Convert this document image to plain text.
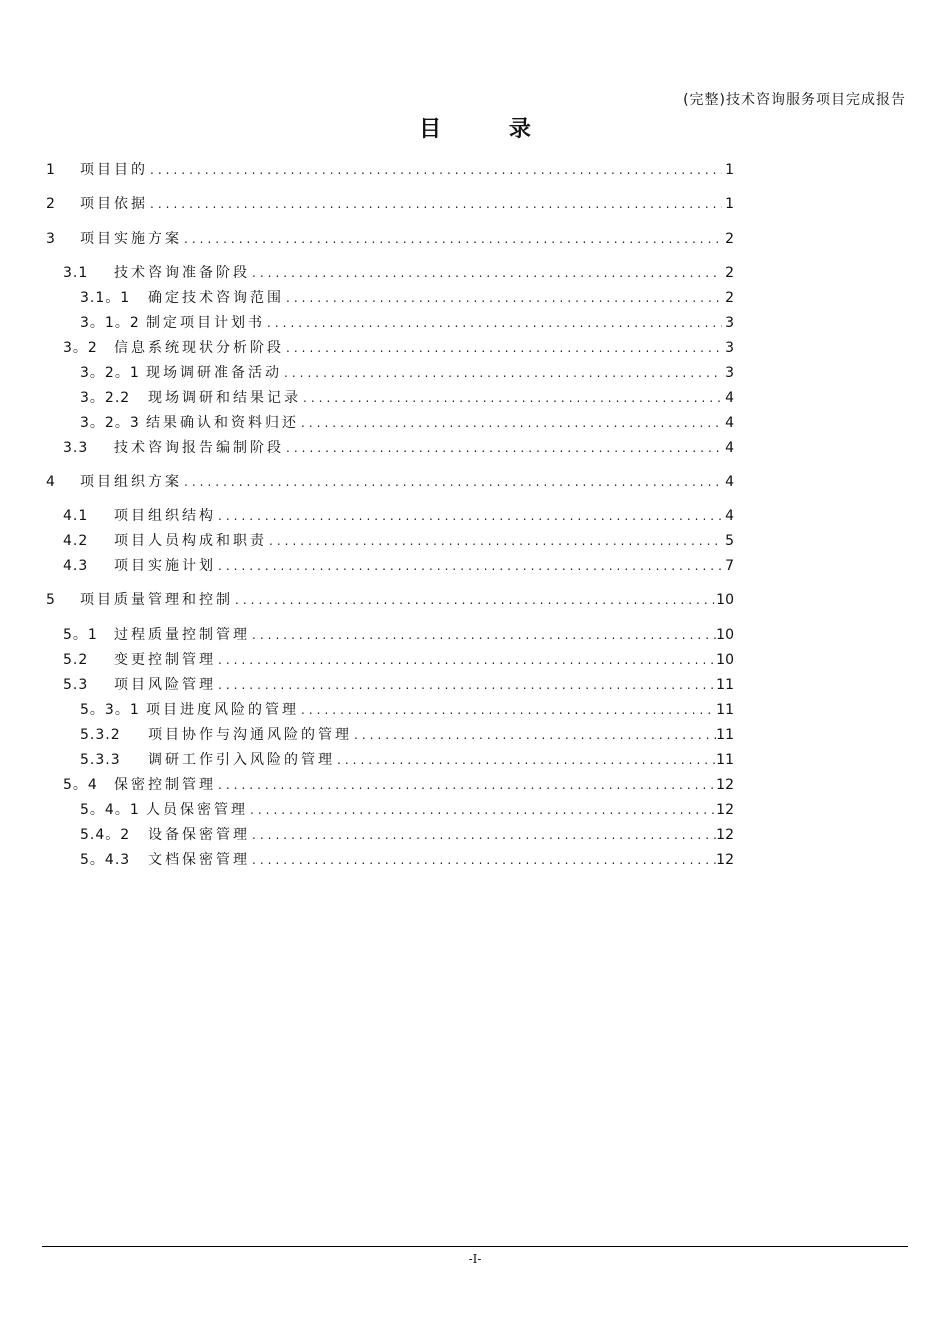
(完整)技术咨询服务项目完成报告
目 录
1	项目目的 .....	1
2	项目依据 .....	1
3	项目实施方案 .....	2
3.1	技术咨询准备阶段 .....	2
3.1。1	确定技术咨询范围 .....	2
3。1。2 制定项目计划书 .....	3
3。2	信息系统现状分析阶段 .....	3
3。2。1 现场调研准备活动 .....	3
3。2.2	现场调研和结果记录 .....	4
3。2。3 结果确认和资料归还 .....	4
3.3	技术咨询报告编制阶段 .....	4
4	项目组织方案 .....	4
4.1	项目组织结构 .....	4
4.2	项目人员构成和职责 .....	5
4.3	项目实施计划 .....	7
5	项目质量管理和控制 .....	10
5。1	过程质量控制管理 .....	10
5.2	变更控制管理 .....	10
5.3	项目风险管理 .....	11
5。3。1 项目进度风险的管理 .....	11
5.3.2	项目协作与沟通风险的管理 .....	11
5.3.3	调研工作引入风险的管理 .....	11
5。4	保密控制管理 .....	12
5。4。1 人员保密管理 .....	12
5.4。2	设备保密管理 .....	12
5。4.3	文档保密管理 .....	12
-I-
